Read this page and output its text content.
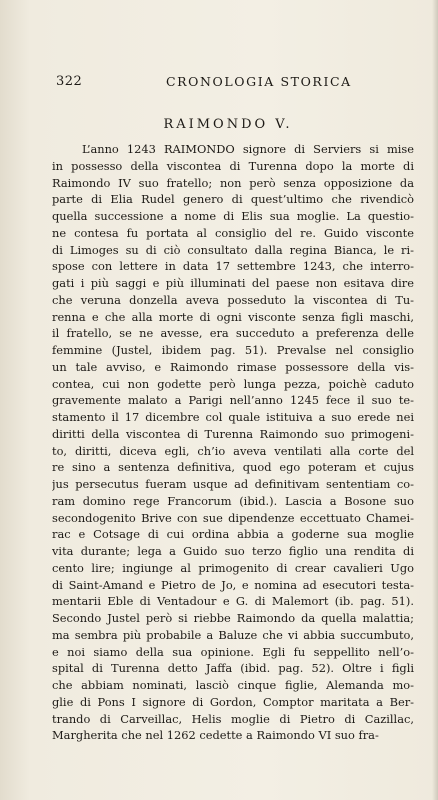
322	CRONOLOGIA STORICA
RAIMONDO V.
L’anno 1243 RAIMONDO signore di Serviers si mise
in possesso della viscontea di Turenna dopo la morte di
Raimondo IV suo fratello; non però senza opposizione da
parte di Elia Rudel genero di quest’ultimo che rivendicò
quella successione a nome di Elis sua moglie. La questio-
ne contesa fu portata al consiglio del re. Guido visconte
di Limoges su di ciò consultato dalla regina Bianca, le ri-
spose con lettere in data 17 settembre 1243, che interro-
gati i più saggi e più illuminati del paese non esitava dire
che veruna donzella aveva posseduto la viscontea di Tu-
renna e che alla morte di ogni visconte senza figli maschi,
il fratello, se ne avesse, era succeduto a preferenza delle
femmine (Justel, ibidem pag. 51). Prevalse nel consiglio
un tale avviso, e Raimondo rimase possessore della vis-
contea, cui non godette però lunga pezza, poichè caduto
gravemente malato a Parigi nell’anno 1245 fece il suo te-
stamento il 17 dicembre col quale istituiva a suo erede nei
diritti della viscontea di Turenna Raimondo suo primogeni-
to, diritti, diceva egli, ch’io aveva ventilati alla corte del
re sino a sentenza definitiva, quod ego poteram et cujus
jus persecutus fueram usque ad definitivam sententiam co-
ram domino rege Francorum (ibid.). Lascia a Bosone suo
secondogenito Brive con sue dipendenze eccettuato Chamei-
rac e Cotsage di cui ordina abbia a goderne sua moglie
vita durante; lega a Guido suo terzo figlio una rendita di
cento lire; ingiunge al primogenito di crear cavalieri Ugo
di Saint-Amand e Pietro de Jo, e nomina ad esecutori testa-
mentarii Eble di Ventadour e G. di Malemort (ib. pag. 51).
Secondo Justel però si riebbe Raimondo da quella malattia;
ma sembra più probabile a Baluze che vi abbia succumbuto,
e noi siamo della sua opinione. Egli fu seppellito nell’o-
spital di Turenna detto Jaffa (ibid. pag. 52). Oltre i figli
che abbiam nominati, lasciò cinque figlie, Alemanda mo-
glie di Pons I signore di Gordon, Comptor maritata a Ber-
trando di Carveillac, Helis moglie di Pietro di Cazillac,
Margherita che nel 1262 cedette a Raimondo VI suo fra-
